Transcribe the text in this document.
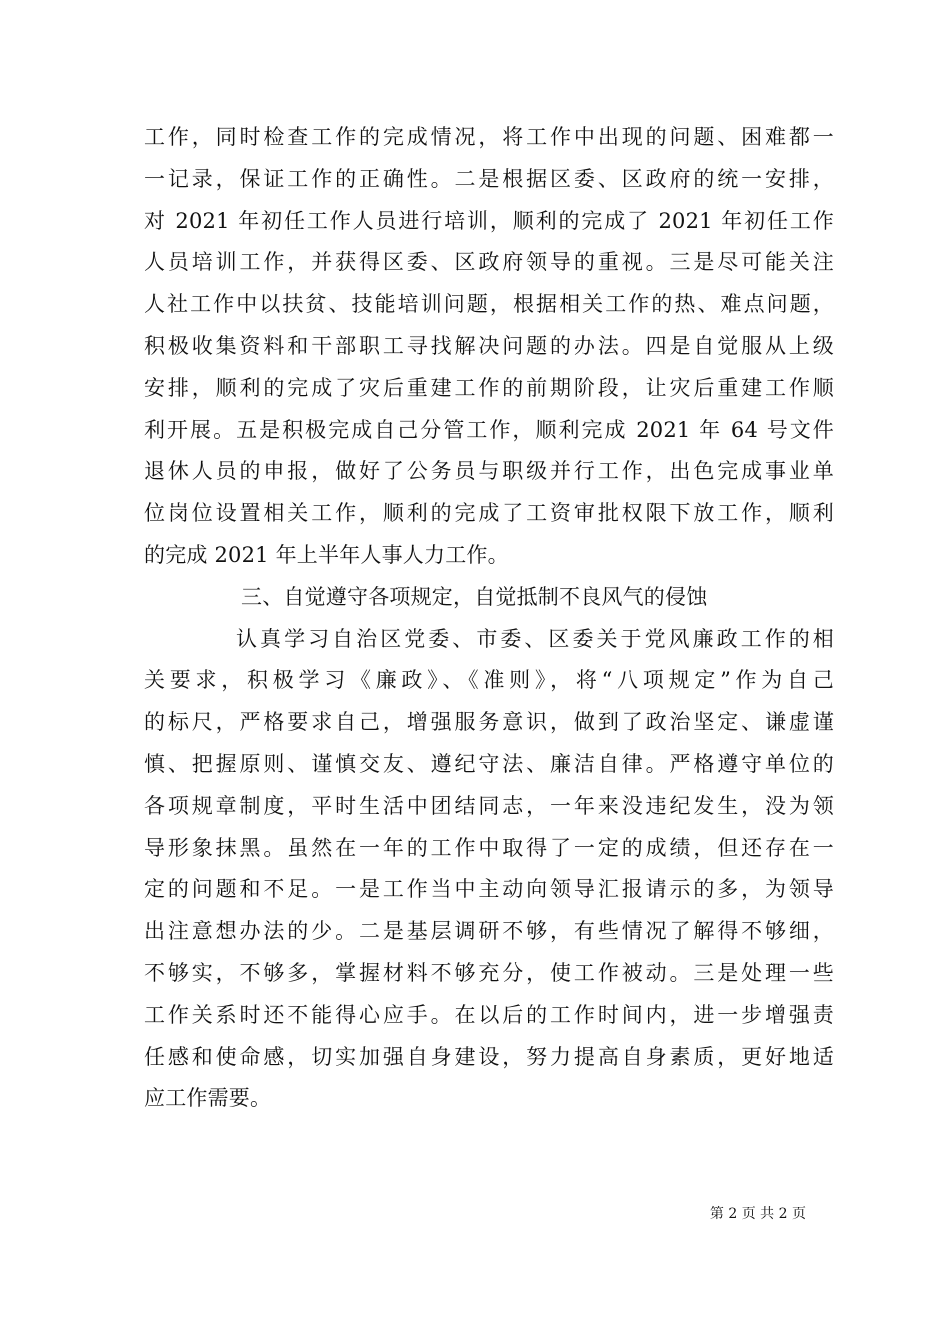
工作，同时检查工作的完成情况，将工作中出现的问题、困难都一
一记录，保证工作的正确性。二是根据区委、区政府的统一安排，
对 2021 年初任工作人员进行培训，顺利的完成了 2021 年初任工作
人员培训工作，并获得区委、区政府领导的重视。三是尽可能关注
人社工作中以扶贫、技能培训问题，根据相关工作的热、难点问题，
积极收集资料和干部职工寻找解决问题的办法。四是自觉服从上级
安排，顺利的完成了灾后重建工作的前期阶段，让灾后重建工作顺
利开展。五是积极完成自己分管工作，顺利完成 2021 年 64 号文件
退休人员的申报，做好了公务员与职级并行工作，出色完成事业单
位岗位设置相关工作，顺利的完成了工资审批权限下放工作，顺利
的完成 2021 年上半年人事人力工作。
三、自觉遵守各项规定，自觉抵制不良风气的侵蚀
认真学习自治区党委、市委、区委关于党风廉政工作的相
关要求，积极学习《廉政》、《准则》，将“八项规定”作为自己
的标尺，严格要求自己，增强服务意识，做到了政治坚定、谦虚谨
慎、把握原则、谨慎交友、遵纪守法、廉洁自律。严格遵守单位的
各项规章制度，平时生活中团结同志，一年来没违纪发生，没为领
导形象抹黑。虽然在一年的工作中取得了一定的成绩，但还存在一
定的问题和不足。一是工作当中主动向领导汇报请示的多，为领导
出注意想办法的少。二是基层调研不够，有些情况了解得不够细，
不够实，不够多，掌握材料不够充分，使工作被动。三是处理一些
工作关系时还不能得心应手。在以后的工作时间内，进一步增强责
任感和使命感，切实加强自身建设，努力提高自身素质，更好地适
应工作需要。
第 2 页 共 2 页
